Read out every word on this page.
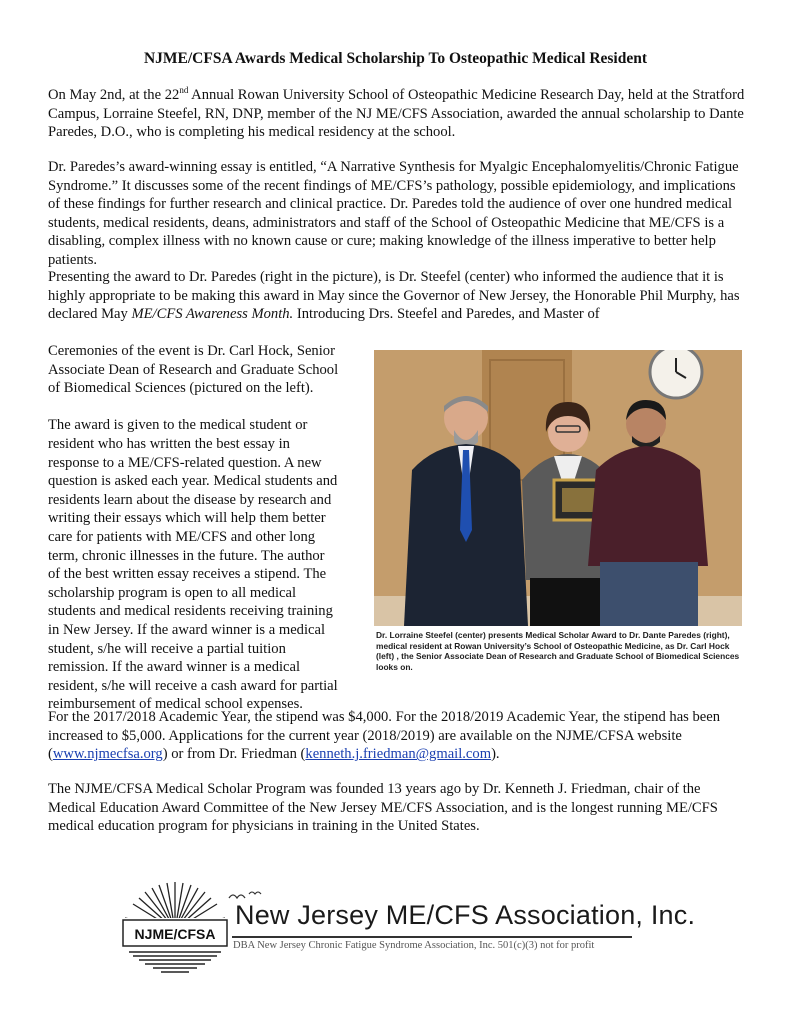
NJME/CFSA Awards Medical Scholarship To Osteopathic Medical Resident

On May 2nd, at the 22nd Annual Rowan University School of Osteopathic Medicine Research Day, held at the Stratford Campus, Lorraine Steefel, RN, DNP, member of the NJ ME/CFS Association, awarded the annual scholarship to Dante Paredes, D.O., who is completing his medical residency at the school.

Dr. Paredes’s award-winning essay is entitled, “A Narrative Synthesis for Myalgic Encephalomyelitis/Chronic Fatigue Syndrome.” It discusses some of the recent findings of ME/CFS’s pathology, possible epidemiology, and implications of these findings for further research and clinical practice. Dr. Paredes told the audience of over one hundred medical students, medical residents, deans, administrators and staff of the School of Osteopathic Medicine that ME/CFS is a disabling, complex illness with no known cause or cure; making knowledge of the illness imperative to better help patients.

Presenting the award to Dr. Paredes (right in the picture), is Dr. Steefel (center) who informed the audience that it is highly appropriate to be making this award in May since the Governor of New Jersey, the Honorable Phil Murphy, has declared May ME/CFS Awareness Month. Introducing Drs. Steefel and Paredes, and Master of

Ceremonies of the event is Dr. Carl Hock, Senior
Associate Dean of Research and Graduate School
of Biomedical Sciences (pictured on the left).

The award is given to the medical student or
resident who has written the best essay in
response to a ME/CFS-related question. A new
question is asked each year. Medical students and
residents learn about the disease by research and
writing their essays which will help them better
care for patients with ME/CFS and other long
term, chronic illnesses in the future. The author
of the best written essay receives a stipend. The
scholarship program is open to all medical
students and medical residents receiving training
in New Jersey. If the award winner is a medical
student, s/he will receive a partial tuition
remission. If the award winner is a medical
resident, s/he will receive a cash award for partial
reimbursement of medical school expenses.
Dr. Lorraine Steefel (center) presents Medical Scholar Award to Dr. Dante Paredes (right), medical resident at Rowan University’s School of Osteopathic Medicine, as Dr. Carl Hock (left) , the Senior Associate Dean of Research and Graduate School of Biomedical Sciences looks on.

For the 2017/2018 Academic Year, the stipend was $4,000. For the 2018/2019 Academic Year, the stipend has been increased to $5,000. Applications for the current year (2018/2019) are available on the NJME/CFSA website (www.njmecfsa.org) or from Dr. Friedman (kenneth.j.friedman@gmail.com).

The NJME/CFSA Medical Scholar Program was founded 13 years ago by Dr. Kenneth J. Friedman, chair of the Medical Education Award Committee of the New Jersey ME/CFS Association, and is the longest running ME/CFS medical education program for physicians in training in the United States.

NJME/CFSA
New Jersey ME/CFS Association, Inc.
DBA New Jersey Chronic Fatigue Syndrome Association, Inc. 501(c)(3) not for profit
